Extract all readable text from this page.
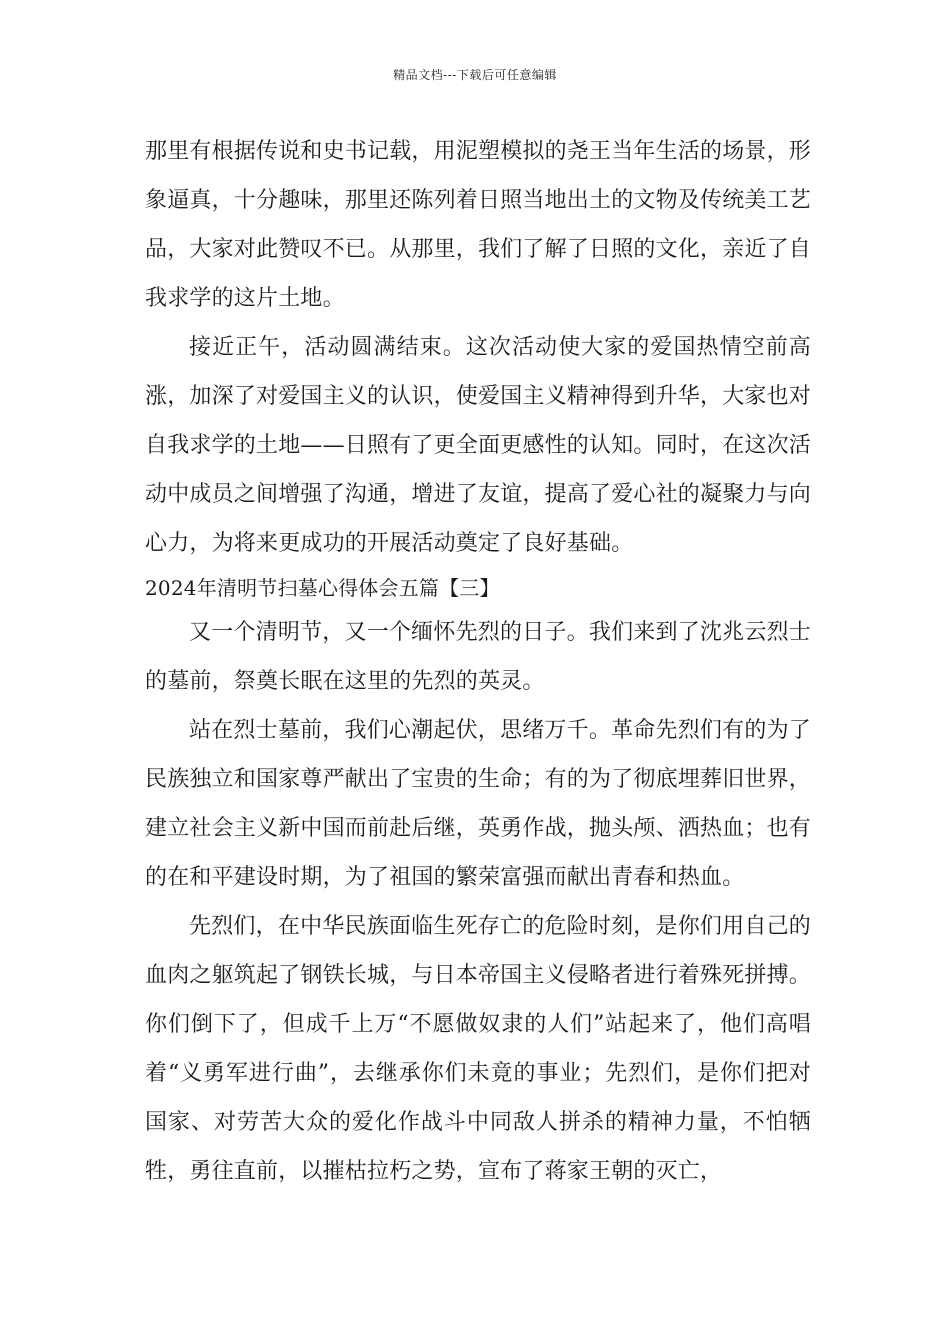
精品文档---下载后可任意编辑

那里有根据传说和史书记载，用泥塑模拟的尧王当年生活的场景，形象逼真，十分趣味，那里还陈列着日照当地出土的文物及传统美工艺品，大家对此赞叹不已。从那里，我们了解了日照的文化，亲近了自我求学的这片土地。

接近正午，活动圆满结束。这次活动使大家的爱国热情空前高涨，加深了对爱国主义的认识，使爱国主义精神得到升华，大家也对自我求学的土地——日照有了更全面更感性的认知。同时，在这次活动中成员之间增强了沟通，增进了友谊，提高了爱心社的凝聚力与向心力，为将来更成功的开展活动奠定了良好基础。

2024年清明节扫墓心得体会五篇【三】

又一个清明节，又一个缅怀先烈的日子。我们来到了沈兆云烈士的墓前，祭奠长眠在这里的先烈的英灵。

站在烈士墓前，我们心潮起伏，思绪万千。革命先烈们有的为了民族独立和国家尊严献出了宝贵的生命；有的为了彻底埋葬旧世界，建立社会主义新中国而前赴后继，英勇作战，抛头颅、洒热血；也有的在和平建设时期，为了祖国的繁荣富强而献出青春和热血。

先烈们，在中华民族面临生死存亡的危险时刻，是你们用自己的血肉之躯筑起了钢铁长城，与日本帝国主义侵略者进行着殊死拼搏。你们倒下了，但成千上万“不愿做奴隶的人们”站起来了，他们高唱着“义勇军进行曲”，去继承你们未竟的事业；先烈们，是你们把对国家、对劳苦大众的爱化作战斗中同敌人拼杀的精神力量，不怕牺牲，勇往直前，以摧枯拉朽之势，宣布了蒋家王朝的灭亡，
